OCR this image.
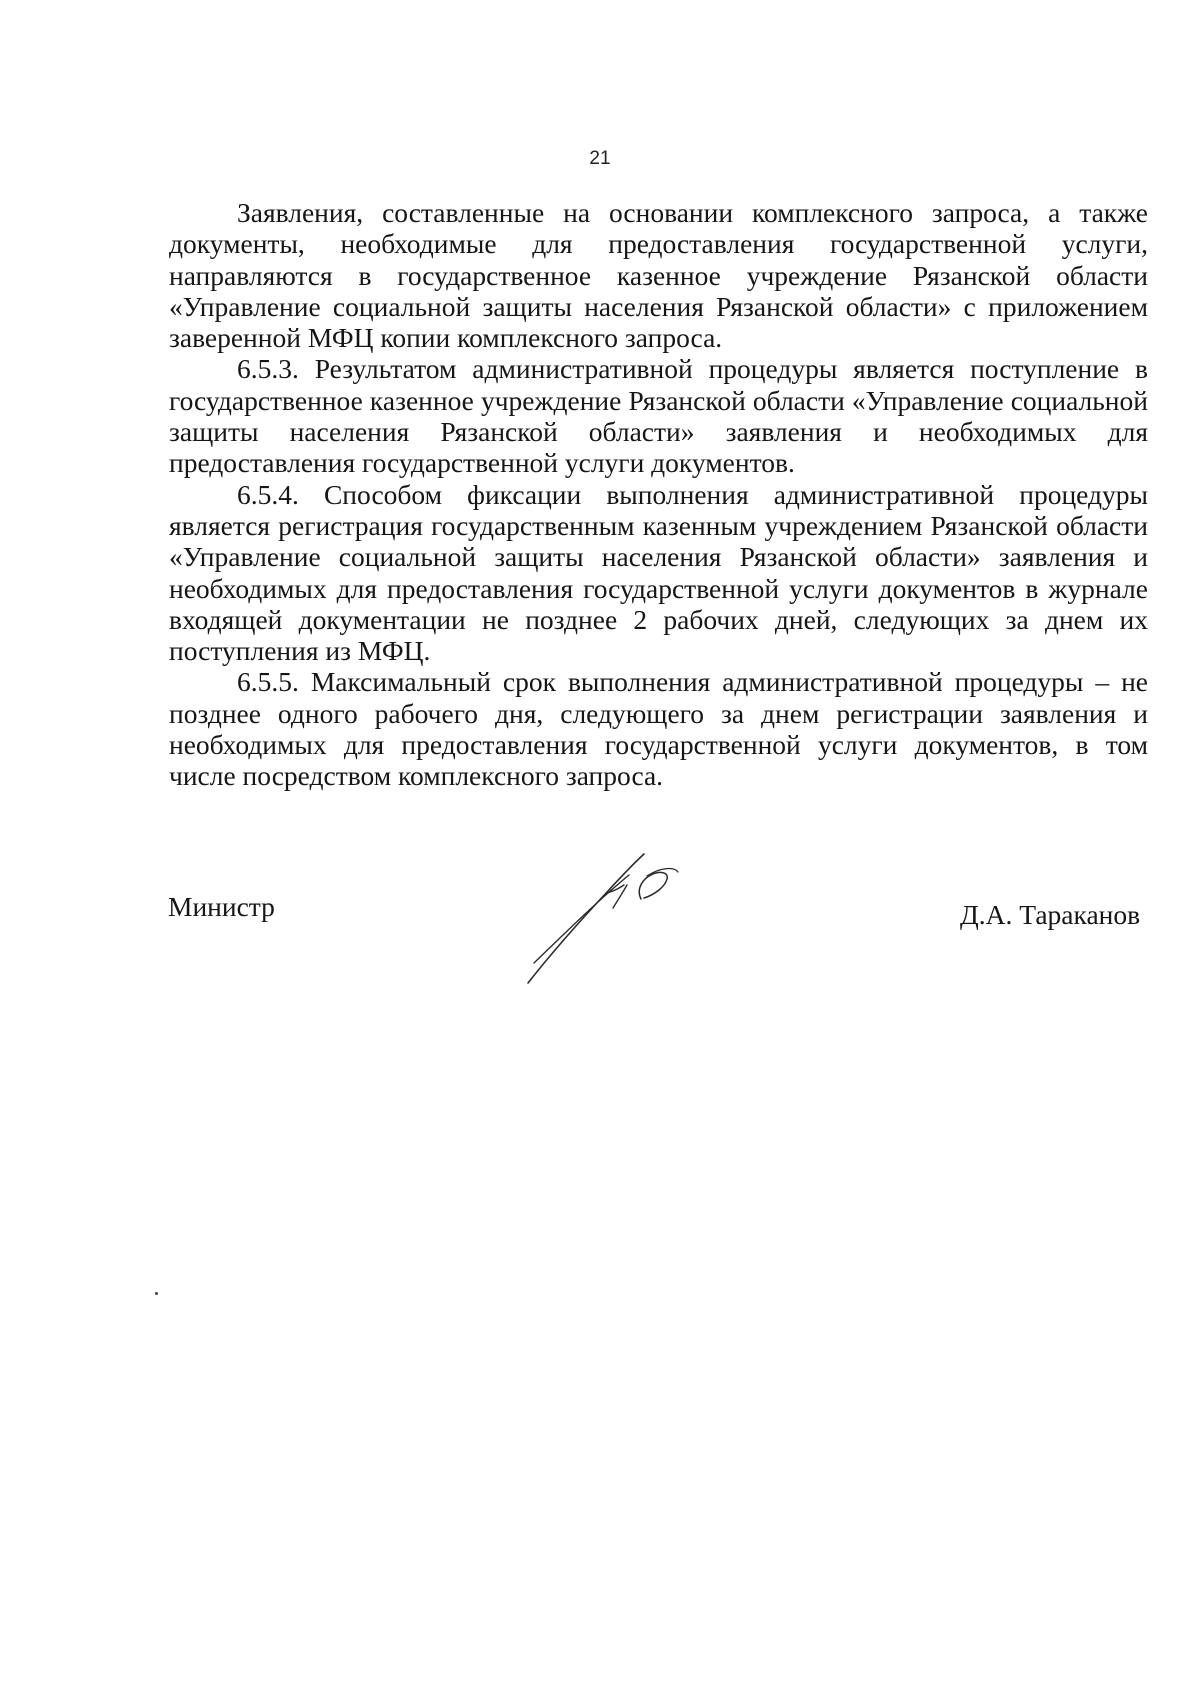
21

Заявления, составленные на основании комплексного запроса, а также документы, необходимые для предоставления государственной услуги, направляются в государственное казенное учреждение Рязанской области «Управление социальной защиты населения Рязанской области» с приложением заверенной МФЦ копии комплексного запроса.

6.5.3. Результатом административной процедуры является поступление в государственное казенное учреждение Рязанской области «Управление социальной защиты населения Рязанской области» заявления и необходимых для предоставления государственной услуги документов.

6.5.4. Способом фиксации выполнения административной процедуры является регистрация государственным казенным учреждением Рязанской области «Управление социальной защиты населения Рязанской области» заявления и необходимых для предоставления государственной услуги документов в журнале входящей документации не позднее 2 рабочих дней, следующих за днем их поступления из МФЦ.

6.5.5. Максимальный срок выполнения административной процедуры – не позднее одного рабочего дня, следующего за днем регистрации заявления и необходимых для предоставления государственной услуги документов, в том числе посредством комплексного запроса.

Министр	Д.А. Тараканов
